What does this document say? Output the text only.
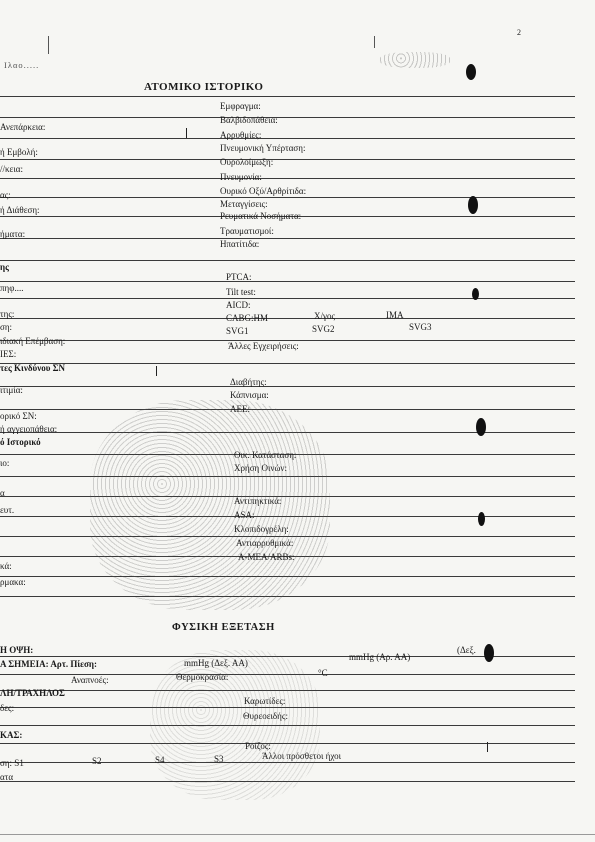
2
Ιλαο.....
ΑΤΟΜΙΚΟ ΙΣΤΟΡΙΚΟ
Ανεπάρκεια:
ή Εμβολή:
//κεια:
ας:
ή Διάθεση:
ήματα:
ης
πηφ....
της:
ση:
ιδιακή Επέμβαση:
ΙΕΣ:
τες Κινδύνου ΣΝ
ιτιμία:
ορικό ΣΝ:
ή αγγειοπάθεια:
ό Ιστορικό
ιο:
α
ευτ.
κά:
ρμακα:
Εμφραγμα:
Βαλβιδοπάθεια:
Αρρυθμίες:
Πνευμονική Υπέρταση:
Ουρολοίμωξη:
Πνευμονία:
Ουρικό Οξύ/Αρθρίτιδα:
Μεταγγίσεις:
Ρευματικά Νοσήματα:
Τραυματισμοί:
Ηπατίτιδα:
PTCA:
Tilt test:
AICD:
CABG:HM	X/γος	IMA
SVG1	SVG2	SVG3
Άλλες Εγχειρήσεις:
Διαβήτης:
Κάπνισμα:
ΑΕΕ:
Οικ. Κατάσταση:
Χρήση Οινών:
Αντιπηκτικά:
ASA:
Κλοπιδογρέλη:
Αντιαρρυθμικά:
A-MEA/ARBs:
ΦΥΣΙΚΗ ΕΞΕΤΑΣΗ
Η ΟΨΗ:
Α ΣΗΜΕΙΑ: Αρτ. Πίεση:	mmHg (Δεξ. ΑΑ)
mmHg (Αρ. ΑΑ)
(Δεξ.
Αναπνοές:	Θερμοκρασία:	°C
ΛΗ/ΤΡΑΧΗΛΟΣ
δες:
Καρωτίδες:
Θυρεοειδής:
ΚΑΣ:
Ροίζος:
ση: S1	S2	S4	S3	Άλλοι πρόσθετοι ήχοι
ατα
